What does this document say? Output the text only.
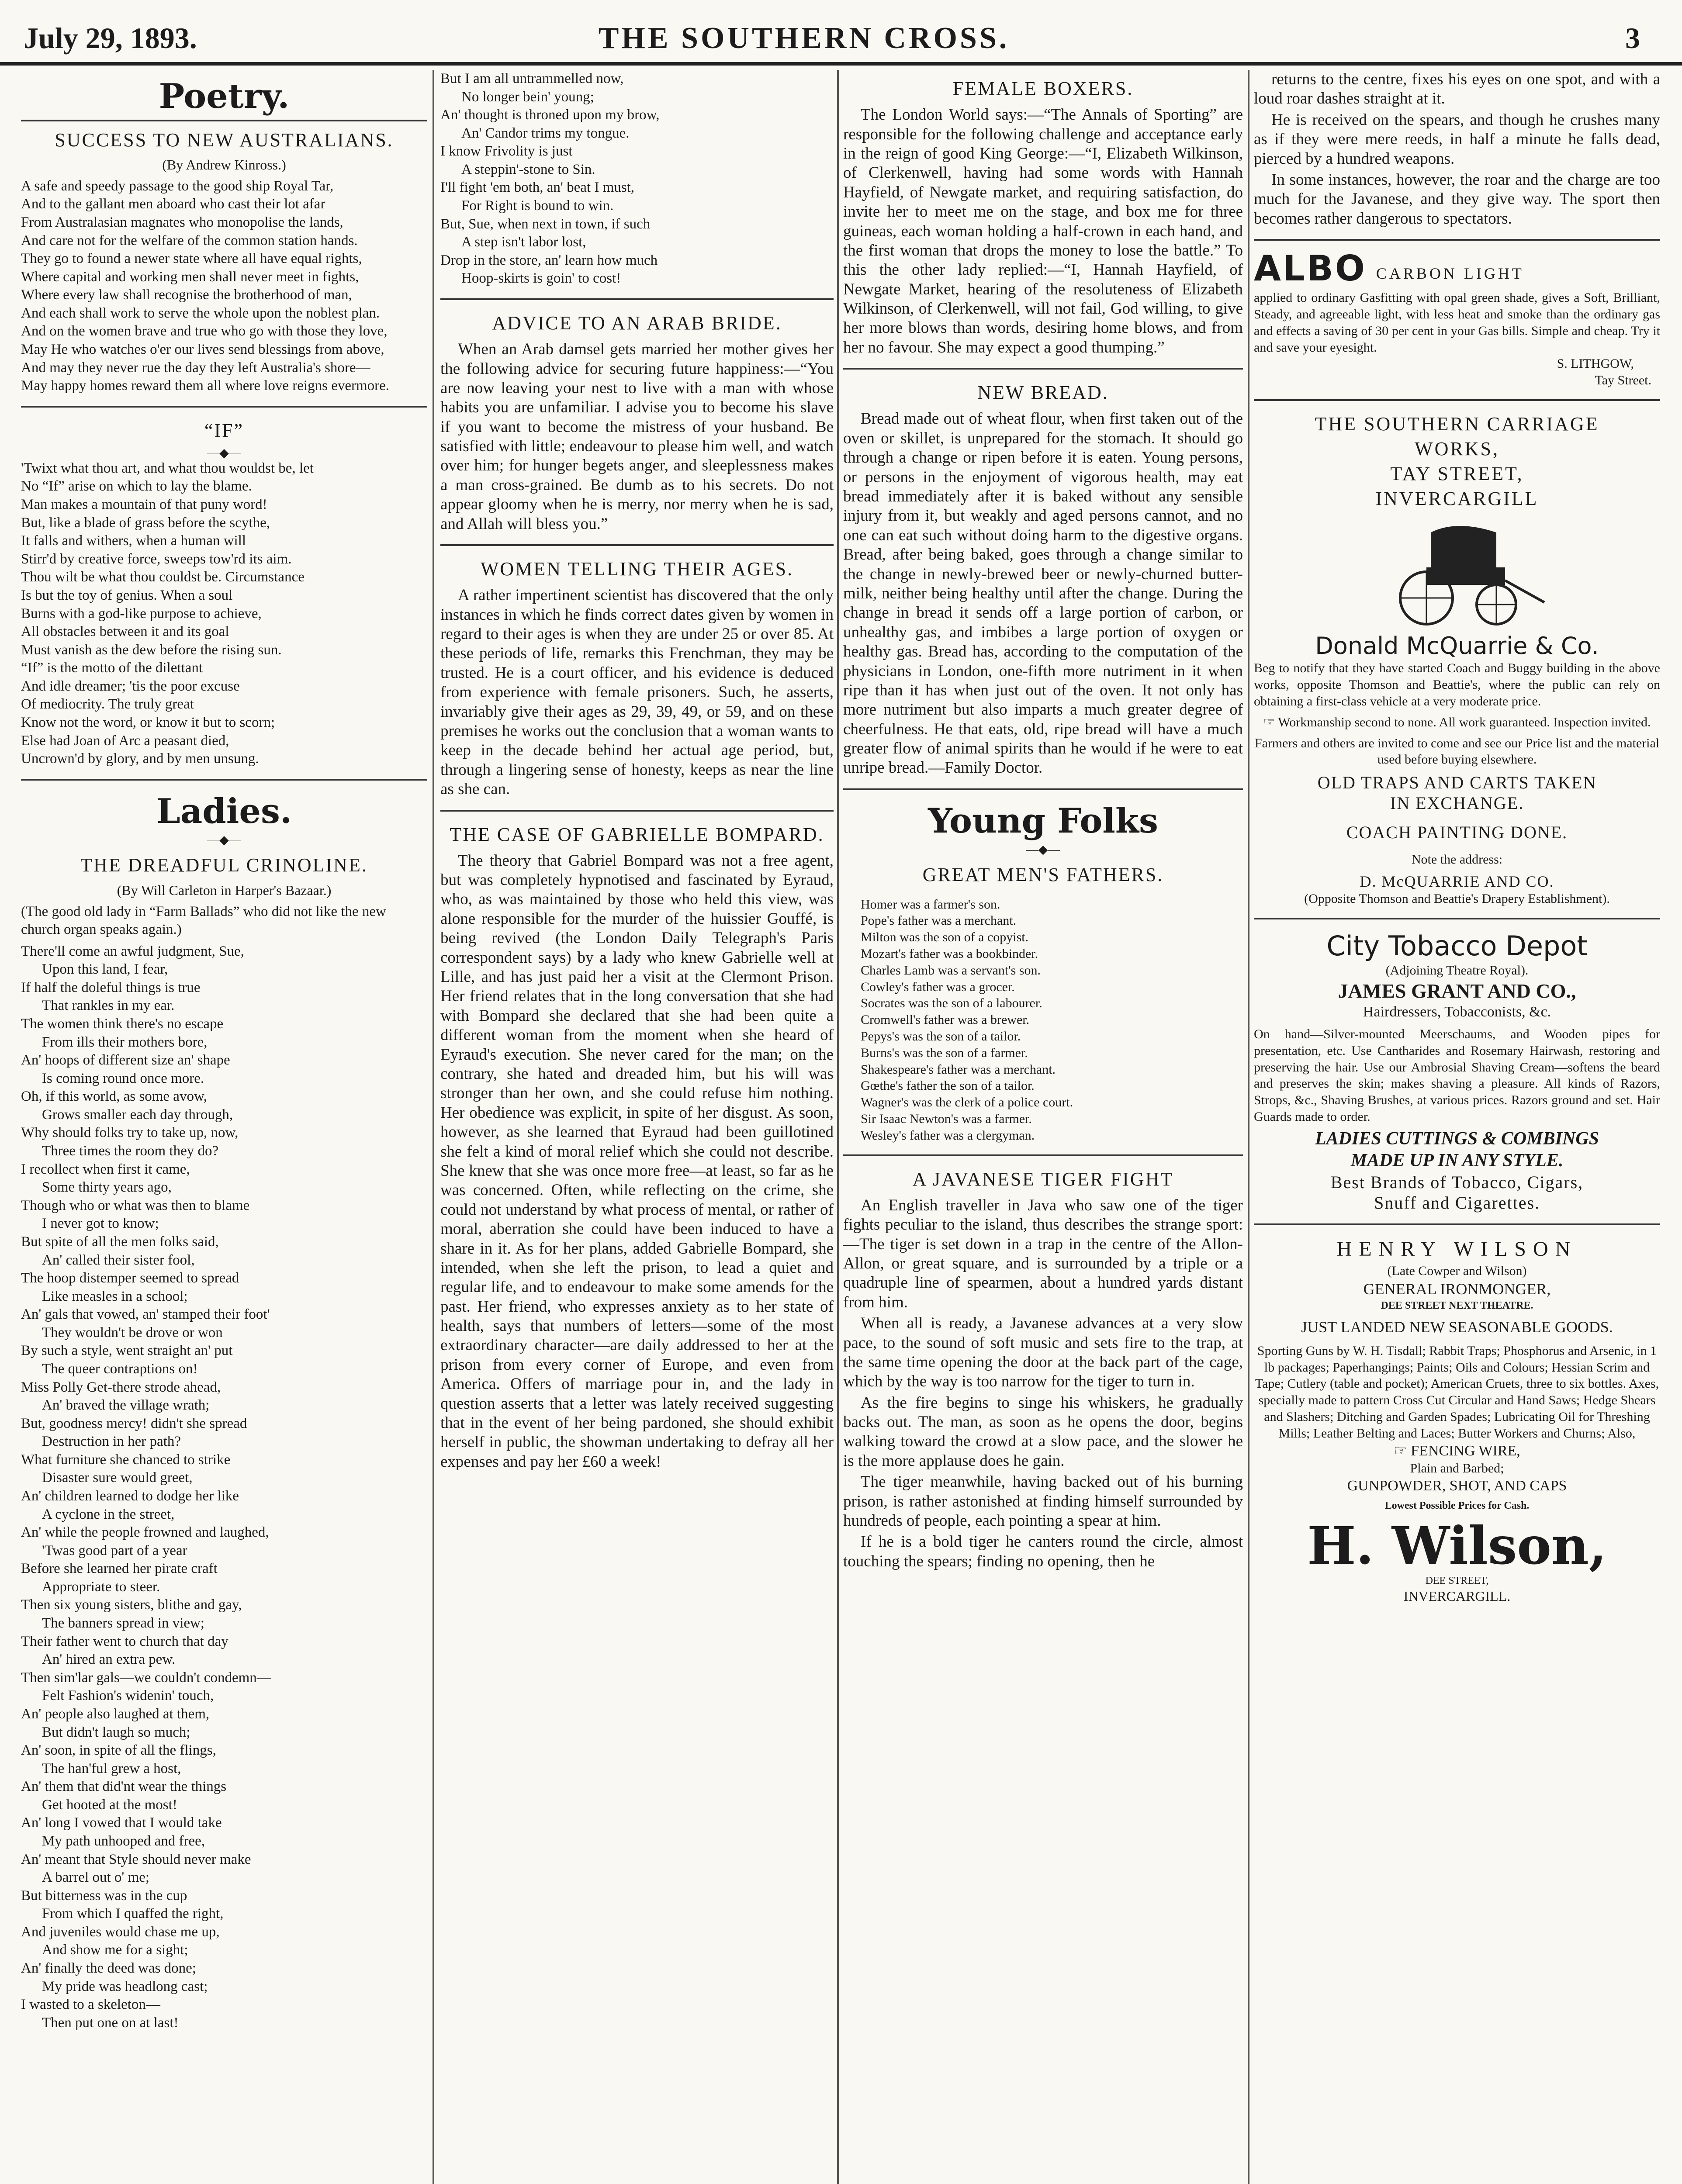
July 29, 1893.	THE SOUTHERN CROSS.	3
Poetry.
SUCCESS TO NEW AUSTRALIANS.
(By Andrew Kinross.)
A safe and speedy passage to the good ship Royal Tar,
And to the gallant men aboard who cast their lot afar
From Australasian magnates who monopolise the lands,
And care not for the welfare of the common station hands.
They go to found a newer state where all have equal rights,
Where capital and working men shall never meet in fights,
Where every law shall recognise the brotherhood of man,
And each shall work to serve the whole upon the noblest plan.
And on the women brave and true who go with those they love,
May He who watches o'er our lives send blessings from above,
And may they never rue the day they left Australia's shore—
May happy homes reward them all where love reigns evermore.
“IF”
—◆—
'Twixt what thou art, and what thou wouldst be, let
No “If” arise on which to lay the blame.
Man makes a mountain of that puny word!
But, like a blade of grass before the scythe,
It falls and withers, when a human will
Stirr'd by creative force, sweeps tow'rd its aim.
Thou wilt be what thou couldst be. Circumstance
Is but the toy of genius. When a soul
Burns with a god-like purpose to achieve,
All obstacles between it and its goal
Must vanish as the dew before the rising sun.
“If” is the motto of the dilettant
And idle dreamer; 'tis the poor excuse
Of mediocrity. The truly great
Know not the word, or know it but to scorn;
Else had Joan of Arc a peasant died,
Uncrown'd by glory, and by men unsung.
Ladies.
—◆—
THE DREADFUL CRINOLINE.
(By Will Carleton in Harper's Bazaar.)
(The good old lady in “Farm Ballads” who did not like the new church organ speaks again.)
There'll come an awful judgment, Sue,
Upon this land, I fear,
If half the doleful things is true
That rankles in my ear.
The women think there's no escape
From ills their mothers bore,
An' hoops of different size an' shape
Is coming round once more.
Oh, if this world, as some avow,
Grows smaller each day through,
Why should folks try to take up, now,
Three times the room they do?
I recollect when first it came,
Some thirty years ago,
Though who or what was then to blame
I never got to know;
But spite of all the men folks said,
An' called their sister fool,
The hoop distemper seemed to spread
Like measles in a school;
An' gals that vowed, an' stamped their foot'
They wouldn't be drove or won
By such a style, went straight an' put
The queer contraptions on!
Miss Polly Get-there strode ahead,
An' braved the village wrath;
But, goodness mercy! didn't she spread
Destruction in her path?
What furniture she chanced to strike
Disaster sure would greet,
An' children learned to dodge her like
A cyclone in the street,
An' while the people frowned and laughed,
'Twas good part of a year
Before she learned her pirate craft
Appropriate to steer.
Then six young sisters, blithe and gay,
The banners spread in view;
Their father went to church that day
An' hired an extra pew.
Then sim'lar gals—we couldn't condemn—
Felt Fashion's widenin' touch,
An' people also laughed at them,
But didn't laugh so much;
An' soon, in spite of all the flings,
The han'ful grew a host,
An' them that did'nt wear the things
Get hooted at the most!
An' long I vowed that I would take
My path unhooped and free,
An' meant that Style should never make
A barrel out o' me;
But bitterness was in the cup
From which I quaffed the right,
And juveniles would chase me up,
And show me for a sight;
An' finally the deed was done;
My pride was headlong cast;
I wasted to a skeleton—
Then put one on at last!
But I am all untrammelled now,
No longer bein' young;
An' thought is throned upon my brow,
An' Candor trims my tongue.
I know Frivolity is just
A steppin'-stone to Sin.
I'll fight 'em both, an' beat I must,
For Right is bound to win.
But, Sue, when next in town, if such
A step isn't labor lost,
Drop in the store, an' learn how much
Hoop-skirts is goin' to cost!
ADVICE TO AN ARAB BRIDE.
When an Arab damsel gets married her mother gives her the following advice for securing future happiness:—“You are now leaving your nest to live with a man with whose habits you are unfamiliar. I advise you to become his slave if you want to become the mistress of your husband. Be satisfied with little; endeavour to please him well, and watch over him; for hunger begets anger, and sleeplessness makes a man cross-grained. Be dumb as to his secrets. Do not appear gloomy when he is merry, nor merry when he is sad, and Allah will bless you.”
WOMEN TELLING THEIR AGES.
A rather impertinent scientist has discovered that the only instances in which he finds correct dates given by women in regard to their ages is when they are under 25 or over 85. At these periods of life, remarks this Frenchman, they may be trusted. He is a court officer, and his evidence is deduced from experience with female prisoners. Such, he asserts, invariably give their ages as 29, 39, 49, or 59, and on these premises he works out the conclusion that a woman wants to keep in the decade behind her actual age period, but, through a lingering sense of honesty, keeps as near the line as she can.
THE CASE OF GABRIELLE BOMPARD.
The theory that Gabriel Bompard was not a free agent, but was completely hypnotised and fascinated by Eyraud, who, as was maintained by those who held this view, was alone responsible for the murder of the huissier Gouffé, is being revived (the London Daily Telegraph's Paris correspondent says) by a lady who knew Gabrielle well at Lille, and has just paid her a visit at the Clermont Prison. Her friend relates that in the long conversation that she had with Bompard she declared that she had been quite a different woman from the moment when she heard of Eyraud's execution. She never cared for the man; on the contrary, she hated and dreaded him, but his will was stronger than her own, and she could refuse him nothing. Her obedience was explicit, in spite of her disgust. As soon, however, as she learned that Eyraud had been guillotined she felt a kind of moral relief which she could not describe. She knew that she was once more free—at least, so far as he was concerned. Often, while reflecting on the crime, she could not understand by what process of mental, or rather of moral, aberration she could have been induced to have a share in it. As for her plans, added Gabrielle Bompard, she intended, when she left the prison, to lead a quiet and regular life, and to endeavour to make some amends for the past. Her friend, who expresses anxiety as to her state of health, says that numbers of letters—some of the most extraordinary character—are daily addressed to her at the prison from every corner of Europe, and even from America. Offers of marriage pour in, and the lady in question asserts that a letter was lately received suggesting that in the event of her being pardoned, she should exhibit herself in public, the showman undertaking to defray all her expenses and pay her £60 a week!
FEMALE BOXERS.
The London World says:—“The Annals of Sporting” are responsible for the following challenge and acceptance early in the reign of good King George:—“I, Elizabeth Wilkinson, of Clerkenwell, having had some words with Hannah Hayfield, of Newgate market, and requiring satisfaction, do invite her to meet me on the stage, and box me for three guineas, each woman holding a half-crown in each hand, and the first woman that drops the money to lose the battle.” To this the other lady replied:—“I, Hannah Hayfield, of Newgate Market, hearing of the resoluteness of Elizabeth Wilkinson, of Clerkenwell, will not fail, God willing, to give her more blows than words, desiring home blows, and from her no favour. She may expect a good thumping.”
NEW BREAD.
Bread made out of wheat flour, when first taken out of the oven or skillet, is unprepared for the stomach. It should go through a change or ripen before it is eaten. Young persons, or persons in the enjoyment of vigorous health, may eat bread immediately after it is baked without any sensible injury from it, but weakly and aged persons cannot, and no one can eat such without doing harm to the digestive organs. Bread, after being baked, goes through a change similar to the change in newly-brewed beer or newly-churned butter-milk, neither being healthy until after the change. During the change in bread it sends off a large portion of carbon, or unhealthy gas, and imbibes a large portion of oxygen or healthy gas. Bread has, according to the computation of the physicians in London, one-fifth more nutriment in it when ripe than it has when just out of the oven. It not only has more nutriment but also imparts a much greater degree of cheerfulness. He that eats, old, ripe bread will have a much greater flow of animal spirits than he would if he were to eat unripe bread.—Family Doctor.
Young Folks
—◆—
GREAT MEN'S FATHERS.
Homer was a farmer's son.
Pope's father was a merchant.
Milton was the son of a copyist.
Mozart's father was a bookbinder.
Charles Lamb was a servant's son.
Cowley's father was a grocer.
Socrates was the son of a labourer.
Cromwell's father was a brewer.
Pepys's was the son of a tailor.
Burns's was the son of a farmer.
Shakespeare's father was a merchant.
Gœthe's father the son of a tailor.
Wagner's was the clerk of a police court.
Sir Isaac Newton's was a farmer.
Wesley's father was a clergyman.
A JAVANESE TIGER FIGHT
An English traveller in Java who saw one of the tiger fights peculiar to the island, thus describes the strange sport:—The tiger is set down in a trap in the centre of the Allon-Allon, or great square, and is surrounded by a triple or a quadruple line of spearmen, about a hundred yards distant from him.
When all is ready, a Javanese advances at a very slow pace, to the sound of soft music and sets fire to the trap, at the same time opening the door at the back part of the cage, which by the way is too narrow for the tiger to turn in.
As the fire begins to singe his whiskers, he gradually backs out. The man, as soon as he opens the door, begins walking toward the crowd at a slow pace, and the slower he is the more applause does he gain.
The tiger meanwhile, having backed out of his burning prison, is rather astonished at finding himself surrounded by hundreds of people, each pointing a spear at him.
If he is a bold tiger he canters round the circle, almost touching the spears; finding no opening, then he
returns to the centre, fixes his eyes on one spot, and with a loud roar dashes straight at it.
He is received on the spears, and though he crushes many as if they were mere reeds, in half a minute he falls dead, pierced by a hundred weapons.
In some instances, however, the roar and the charge are too much for the Javanese, and they give way. The sport then becomes rather dangerous to spectators.
ALBO CARBON LIGHT
applied to ordinary Gasfitting with opal green shade, gives a Soft, Brilliant, Steady, and agreeable light, with less heat and smoke than the ordinary gas and effects a saving of 30 per cent in your Gas bills. Simple and cheap. Try it and save your eyesight.
S. LITHGOW,
Tay Street.
THE SOUTHERN CARRIAGE
WORKS,
TAY STREET,
INVERCARGILL
Donald McQuarrie & Co.
Beg to notify that they have started Coach and Buggy building in the above works, opposite Thomson and Beattie's, where the public can rely on obtaining a first-class vehicle at a very moderate price.
☞ Workmanship second to none. All work guaranteed. Inspection invited.
Farmers and others are invited to come and see our Price list and the material used before buying elsewhere.
OLD TRAPS AND CARTS TAKEN
IN EXCHANGE.
COACH PAINTING DONE.
Note the address:
D. McQUARRIE AND CO.
(Opposite Thomson and Beattie's Drapery Establishment).
City Tobacco Depot
(Adjoining Theatre Royal).
JAMES GRANT AND CO.,
Hairdressers, Tobacconists, &c.
On hand—Silver-mounted Meerschaums, and Wooden pipes for presentation, etc. Use Cantharides and Rosemary Hairwash, restoring and preserving the hair. Use our Ambrosial Shaving Cream—softens the beard and preserves the skin; makes shaving a pleasure. All kinds of Razors, Strops, &c., Shaving Brushes, at various prices. Razors ground and set. Hair Guards made to order.
LADIES CUTTINGS & COMBINGS
MADE UP IN ANY STYLE.
Best Brands of Tobacco, Cigars,
Snuff and Cigarettes.
HENRY WILSON
(Late Cowper and Wilson)
GENERAL IRONMONGER,
DEE STREET NEXT THEATRE.
JUST LANDED NEW SEASONABLE GOODS.
Sporting Guns by W. H. Tisdall; Rabbit Traps; Phosphorus and Arsenic, in 1 lb packages; Paperhangings; Paints; Oils and Colours; Hessian Scrim and Tape; Cutlery (table and pocket); American Cruets, three to six bottles. Axes, specially made to pattern Cross Cut Circular and Hand Saws; Hedge Shears and Slashers; Ditching and Garden Spades; Lubricating Oil for Threshing Mills; Leather Belting and Laces; Butter Workers and Churns; Also,
☞ FENCING WIRE,
Plain and Barbed;
GUNPOWDER, SHOT, AND CAPS
Lowest Possible Prices for Cash.
H. Wilson,
DEE STREET,
INVERCARGILL.
